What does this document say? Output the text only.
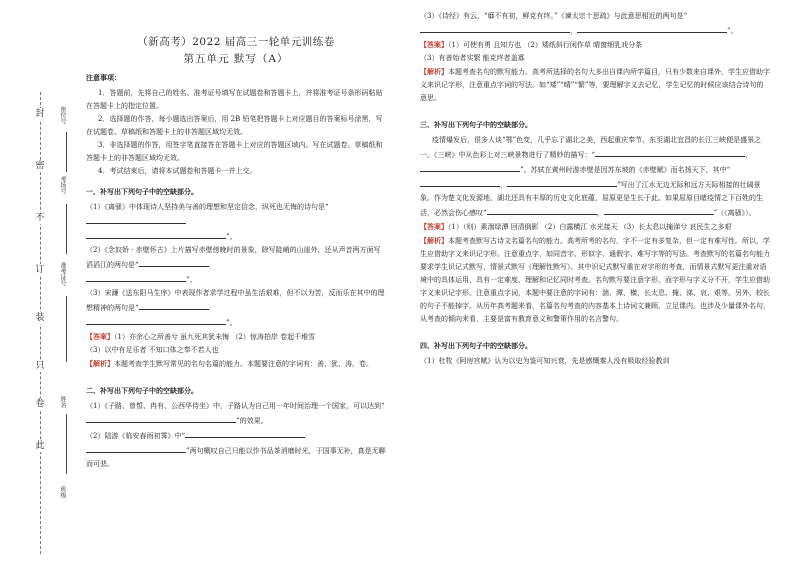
封
密
不
订
装
只
卷
此
座位号
考场号
准考证号
姓名
班级
（新高考）2022 届高三一轮单元训练卷
第五单元 默写（A）
注意事项：

1．答题前，先将自己的姓名、准考证号填写在试题卷和答题卡上，并将准考证号条形码粘贴在答题卡上的指定位置。

2．选择题的作答，每小题选出答案后，用 2B 铅笔把答题卡上对应题目的答案标号涂黑，写在试题卷、草稿纸和答题卡上的非答题区域均无效。

3．非选择题的作答，用签字笔直接答在答题卡上对应的答题区域内。写在试题卷、草稿纸和答题卡上的非答题区域均无效。

4．考试结束后，请将本试题卷和答题卡一并上交。

一、补写出下列句子中的空缺部分。

（1）《离骚》中体现诗人坚持美与善的理想和坚定信念，纵死也无悔的诗句是“

”。

（2）《念奴娇 · 赤壁怀古》上片描写赤壁傍晚时的景象，除写陡峭的山崖外，还从声音两方面写滔滔江的两句是“

”。

（3）宋濂《送东阳马生序》中表现作者求学过程中虽生活艰难，但不以为苦，反而乐在其中的理想精神的两句是“

”。

【答案】（1）亦余心之所善兮 虽九死其犹未悔 （2）惊涛拍岸 卷起千堆雪

（3）以中有足乐者 不知口体之奉不若人也

【解析】本题考查学生默写常见的名句名篇的能力。本题要注意的字词有：善、犹、涛、卷。

二、补写出下列句子中的空缺部分。

（1）《子路、曾皙、冉有、公西华侍坐》中，子路认为自己用一年时间治理一个国家，可以达到“

”的效果。

（2）陆游《临安春雨初霁》中“

”两句概叹自己只能以作书品茶消磨时光，于国事无补，真是无聊而可悲。

（3）《诗经》有云，“靡不有初，鲜克有终。”《谏太宗十思疏》与此意思相近的两句是“

，	”。

【答案】（1）可使有勇 且知方也 （2）矮纸斜行闲作草 晴窗细乳戏分茶

（3）有善始者实繁 能克终者盖寡

【解析】本题考查名句的默写能力。高考所选择的名句大多出自课内所学篇目，只有少数来自课外，学生应借助字义来识记字形，注意重点字词的写法。如“矮”“晴”“繁”等，要理解字义去记忆，学生记忆的时候应该结合诗句的意思。

三、补写出下列句子中的空缺部分。

疫情爆发后，很多人谈“鄂”色变，几乎忘了湖北之美，西起重庆奉节、东至湖北宜昌的长江三峡便是盛景之一。《三峡》中从色彩上对三峡景物进行了精妙的描写：“	，”。苏轼在黄州时游赤壁是因苏东坡的《赤壁赋》而名扬天下，其中“，	”写出了江水无边无际和远方天际相接的壮阔景象。作为楚文化发源地，湖北还具有丰厚的历史文化底蕴，屈原更是生长于此。如果屈原目睹疫情之下百姓的生活，必然会伤心感叹“	，	”（《离骚》）。

【答案】（1）（则）素湍绿潭 回清倒影 （2）白露横江 水光接天 （3）长太息以掩涕兮 哀民生之多艰

【解析】本题考查默写古诗文名篇名句的能力。高考所考的名句，字不一定有多复杂，但一定有难写性。所以，学生应借助字义来识记字形。注意重点字，如同音字、形似字、通假字、难写字等的写法。考查默写的名篇名句能力要求学生识记式默写、情景式默写（理解性默写）。其中识记式默写重在对字形的考查，而情景式默写更注重对语境中的具体运用，具有一定难度，理解和记忆同时考查。名句默写要注意字形，而字形与字义分不开，学生应借助字义来识记字形。注意重点字词，本题中要注意的字词有：湍、潭、横、长太息、掩、涕、哀、艰等。另外，较长的句子不能掉字。从历年高考题来看，名篇名句考查的内容基本上诗词文兼顾，立足课内。也涉及少量课外名句，从考查的倾向来看，主要是富有教育意义和警策作用的名言警句。

四、补写出下列句子中的空缺部分。

（1）杜牧《阿房宫赋》认为以史为鉴可知兴衰，先是感慨秦人没有吸取经验教训
